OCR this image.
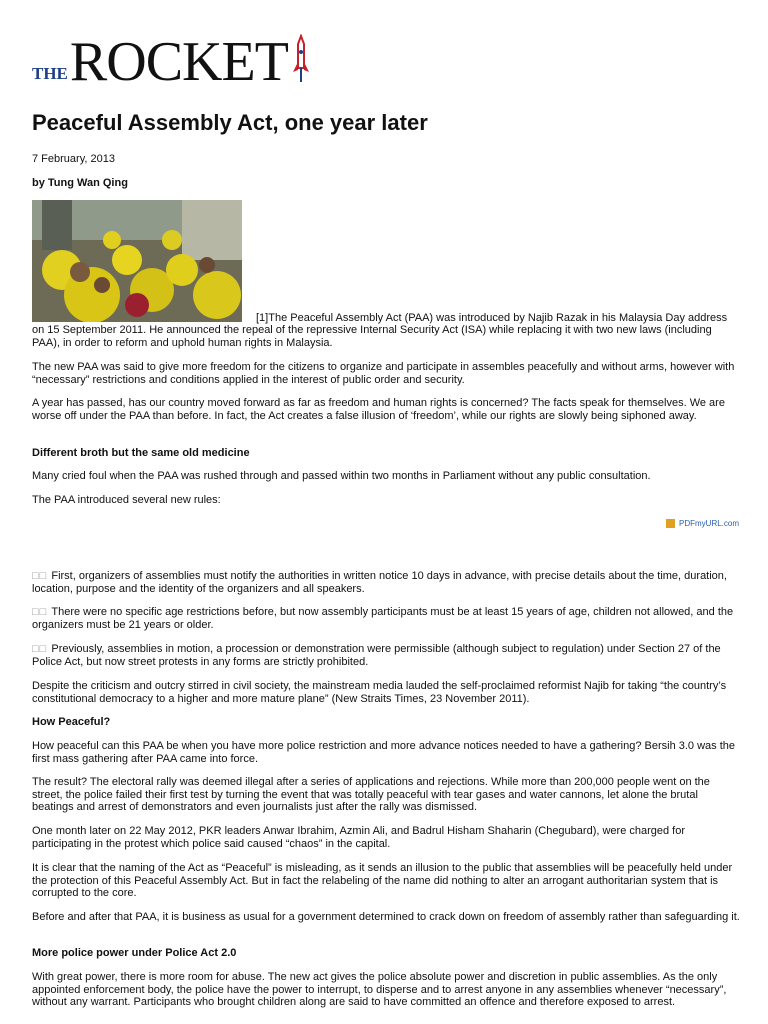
THE ROCKET
Peaceful Assembly Act, one year later
7 February, 2013
by Tung Wan Qing

[1]The Peaceful Assembly Act (PAA) was introduced by Najib Razak in his Malaysia Day address

on 15 September 2011. He announced the repeal of the repressive Internal Security Act (ISA) while replacing it with two new laws (including PAA), in order to reform and uphold human rights in Malaysia.

The new PAA was said to give more freedom for the citizens to organize and participate in assembles peacefully and without arms, however with “necessary” restrictions and conditions applied in the interest of public order and security.

A year has passed, has our country moved forward as far as freedom and human rights is concerned? The facts speak for themselves. We are worse off under the PAA than before. In fact, the Act creates a false illusion of ‘freedom’, while our rights are slowly being siphoned away.

Different broth but the same old medicine

Many cried foul when the PAA was rushed through and passed within two months in Parliament without any public consultation.

The PAA introduced several new rules:

PDFmyURL.com

□□ First, organizers of assemblies must notify the authorities in written notice 10 days in advance, with precise details about the time, duration, location, purpose and the identity of the organizers and all speakers.

□□ There were no specific age restrictions before, but now assembly participants must be at least 15 years of age, children not allowed, and the organizers must be 21 years or older.

□□ Previously, assemblies in motion, a procession or demonstration were permissible (although subject to regulation) under Section 27 of the Police Act, but now street protests in any forms are strictly prohibited.

Despite the criticism and outcry stirred in civil society, the mainstream media lauded the self-proclaimed reformist Najib for taking “the country’s constitutional democracy to a higher and more mature plane” (New Straits Times, 23 November 2011).

How Peaceful?

How peaceful can this PAA be when you have more police restriction and more advance notices needed to have a gathering? Bersih 3.0 was the first mass gathering after PAA came into force.

The result? The electoral rally was deemed illegal after a series of applications and rejections. While more than 200,000 people went on the street, the police failed their first test by turning the event that was totally peaceful with tear gases and water cannons, let alone the brutal beatings and arrest of demonstrators and even journalists just after the rally was dismissed.

One month later on 22 May 2012, PKR leaders Anwar Ibrahim, Azmin Ali, and Badrul Hisham Shaharin (Chegubard), were charged for participating in the protest which police said caused “chaos” in the capital.

It is clear that the naming of the Act as “Peaceful” is misleading, as it sends an illusion to the public that assemblies will be peacefully held under the protection of this Peaceful Assembly Act. But in fact the relabeling of the name did nothing to alter an arrogant authoritarian system that is corrupted to the core.

Before and after that PAA, it is business as usual for a government determined to crack down on freedom of assembly rather than safeguarding it.

More police power under Police Act 2.0

With great power, there is more room for abuse. The new act gives the police absolute power and discretion in public assemblies. As the only appointed enforcement body, the police have the power to interrupt, to disperse and to arrest anyone in any assemblies whenever “necessary”, without any warrant. Participants who brought children along are said to have committed an offence and therefore exposed to arrest.
